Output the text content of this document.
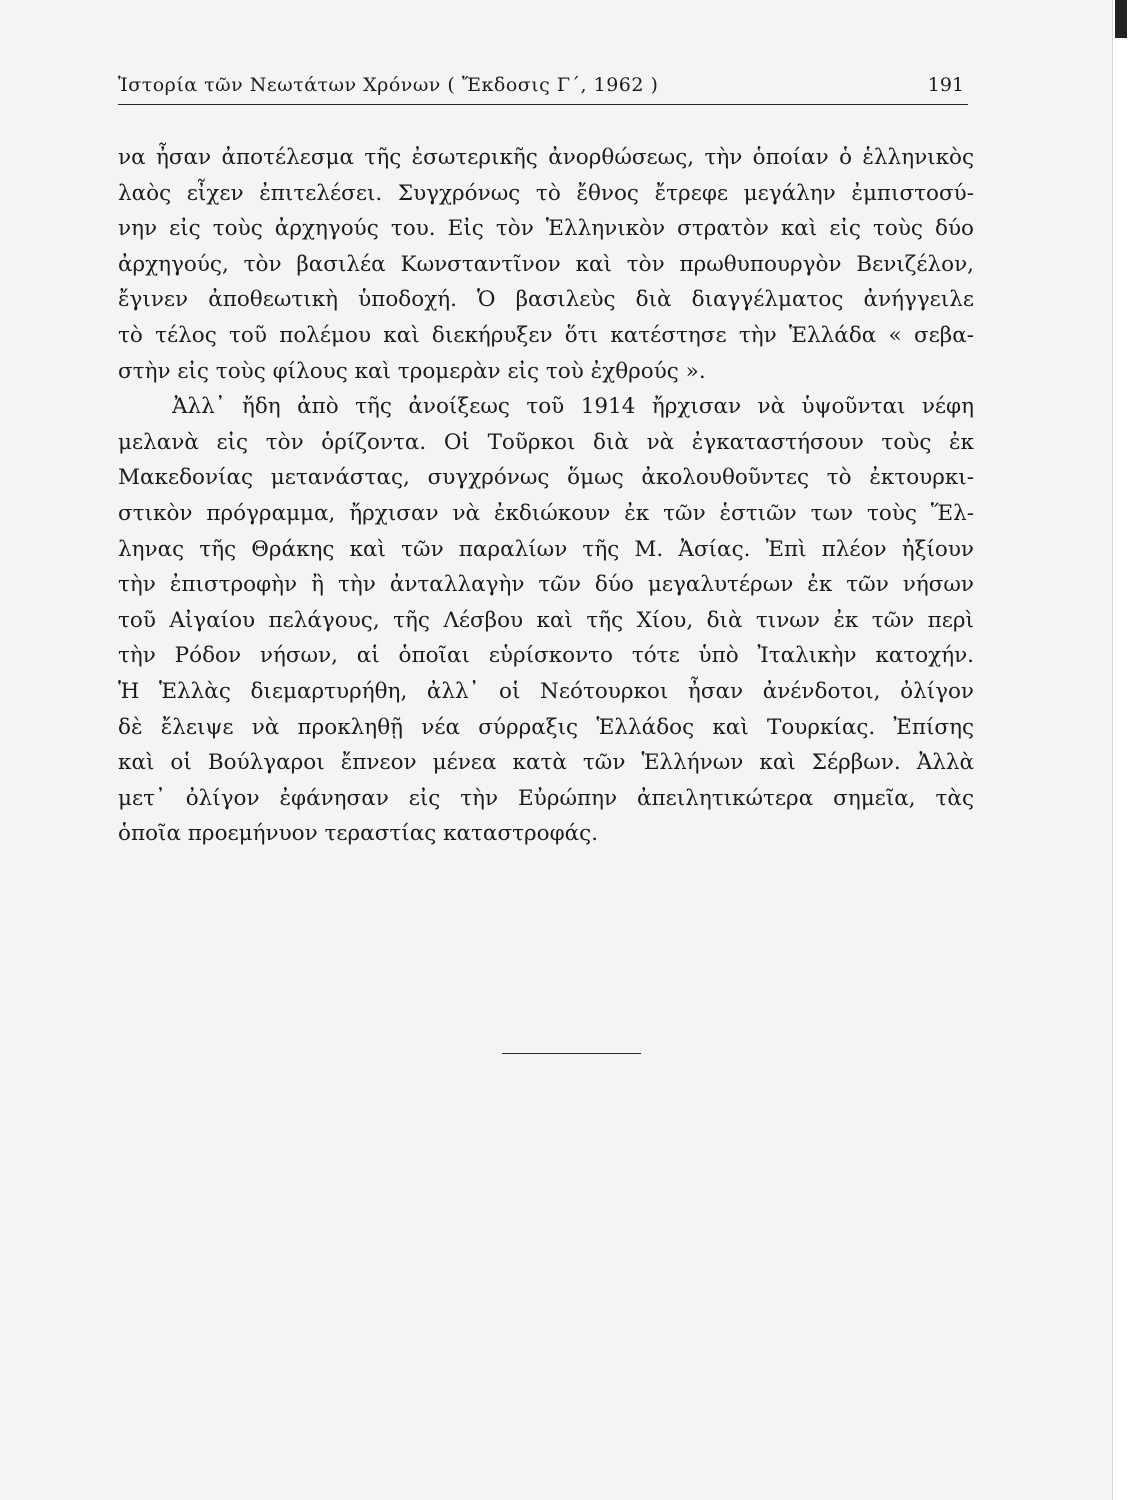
Ἱστορία τῶν Νεωτάτων Χρόνων ( Ἔκδοσις Γ΄, 1962 )	191
να ἦσαν ἀποτέλεσμα τῆς ἐσωτερικῆς ἀνορθώσεως, τὴν ὁποίαν ὁ ἑλληνικὸς
λαὸς εἶχεν ἐπιτελέσει. Συγχρόνως τὸ ἔθνος ἔτρεφε μεγάλην ἐμπιστοσύ-
νην εἰς τοὺς ἀρχηγούς του. Εἰς τὸν Ἑλληνικὸν στρατὸν καὶ εἰς τοὺς δύο
ἀρχηγούς, τὸν βασιλέα Κωνσταντῖνον καὶ τὸν πρωθυπουργὸν Βενιζέλον,
ἔγινεν ἀποθεωτικὴ ὑποδοχή. Ὁ βασιλεὺς διὰ διαγγέλματος ἀνήγγειλε
τὸ τέλος τοῦ πολέμου καὶ διεκήρυξεν ὅτι κατέστησε τὴν Ἑλλάδα « σεβα-
στὴν εἰς τοὺς φίλους καὶ τρομερὰν εἰς τοὺ ἐχθρούς ».
Ἀλλ᾽ ἤδη ἀπὸ τῆς ἀνοίξεως τοῦ 1914 ἤρχισαν νὰ ὑψοῦνται νέφη
μελανὰ εἰς τὸν ὁρίζοντα. Οἱ Τοῦρκοι διὰ νὰ ἐγκαταστήσουν τοὺς ἐκ
Μακεδονίας μετανάστας, συγχρόνως ὅμως ἀκολουθοῦντες τὸ ἐκτουρκι-
στικὸν πρόγραμμα, ἤρχισαν νὰ ἐκδιώκουν ἐκ τῶν ἑστιῶν των τοὺς Ἕλ-
ληνας τῆς Θράκης καὶ τῶν παραλίων τῆς Μ. Ἀσίας. Ἐπὶ πλέον ἠξίουν
τὴν ἐπιστροφὴν ἢ τὴν ἀνταλλαγὴν τῶν δύο μεγαλυτέρων ἐκ τῶν νήσων
τοῦ Αἰγαίου πελάγους, τῆς Λέσβου καὶ τῆς Χίου, διὰ τινων ἐκ τῶν περὶ
τὴν Ρόδον νήσων, αἱ ὁποῖαι εὑρίσκοντο τότε ὑπὸ Ἰταλικὴν κατοχήν.
Ἡ Ἑλλὰς διεμαρτυρήθη, ἀλλ᾽ οἱ Νεότουρκοι ἦσαν ἀνένδοτοι, ὀλίγον
δὲ ἔλειψε νὰ προκληθῇ νέα σύρραξις Ἑλλάδος καὶ Τουρκίας. Ἐπίσης
καὶ οἱ Βούλγαροι ἔπνεον μένεα κατὰ τῶν Ἑλλήνων καὶ Σέρβων. Ἀλλὰ
μετ᾽ ὀλίγον ἐφάνησαν εἰς τὴν Εὐρώπην ἀπειλητικώτερα σημεῖα, τὰς
ὁποῖα προεμήνυον τεραστίας καταστροφάς.
